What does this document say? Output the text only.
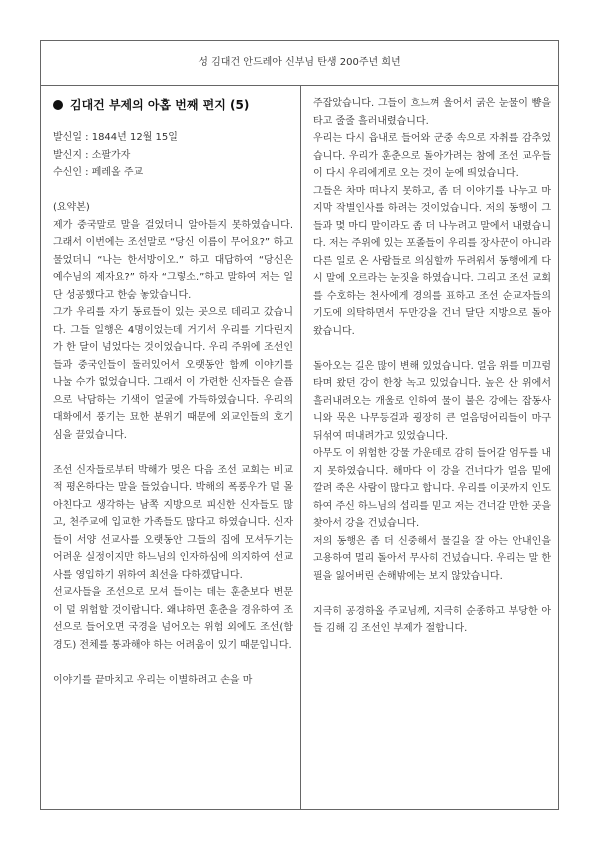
성 김대건 안드레아 신부님 탄생 200주년 희년
김대건 부제의 아홉 번째 편지 (5)
발신일 : 1844년 12월 15일
발신지 : 소팔가자
수신인 : 페레올 주교
(요약본)

제가 중국말로 말을 걸었더니 알아듣지 못하였습니다. 그래서 이번에는 조선말로 “당신 이름이 무어요?” 하고 물었더니 “나는 한서방이오.” 하고 대답하여 “당신은 예수님의 제자요?” 하자 “그렇소.”하고 말하여 저는 일단 성공했다고 한숨 놓았습니다.

그가 우리를 자기 동료들이 있는 곳으로 데리고 갔습니다. 그들 일행은 4명이었는데 거기서 우리를 기다린지가 한 달이 넘었다는 것이었습니다. 우리 주위에 조선인들과 중국인들이 둘러있어서 오랫동안 함께 이야기를 나눌 수가 없었습니다. 그래서 이 가련한 신자들은 슬픔으로 낙담하는 기색이 얼굴에 가득하였습니다. 우리의 대화에서 풍기는 묘한 분위기 때문에 외교인들의 호기심을 끌었습니다.

조선 신자들로부터 박해가 멎은 다음 조선 교회는 비교적 평온하다는 말을 들었습니다. 박해의 폭풍우가 덜 몰아친다고 생각하는 남쪽 지방으로 피신한 신자들도 많고, 천주교에 입교한 가족들도 많다고 하였습니다. 신자들이 서양 선교사를 오랫동안 그들의 집에 모셔두기는 어려운 실정이지만 하느님의 인자하심에 의지하여 선교사를 영입하기 위하여 최선을 다하겠답니다.

선교사들을 조선으로 모셔 들이는 데는 훈춘보다 변문이 덜 위험할 것이랍니다. 왜냐하면 훈춘을 경유하여 조선으로 들어오면 국경을 넘어오는 위험 외에도 조선(함경도) 전체를 통과해야 하는 어려움이 있기 때문입니다.

이야기를 끝마치고 우리는 이별하려고 손을 마

주잡았습니다. 그들이 흐느껴 울어서 굵은 눈물이 뺨을 타고 줄줄 흘러내렸습니다.

우리는 다시 읍내로 들어와 군중 속으로 자취를 감추었습니다. 우리가 훈춘으로 돌아가려는 참에 조선 교우들이 다시 우리에게로 오는 것이 눈에 띄었습니다.

그들은 차마 떠나지 못하고, 좀 더 이야기를 나누고 마지막 작별인사를 하려는 것이었습니다. 저의 동행이 그들과 몇 마디 말이라도 좀 더 나누려고 말에서 내렸습니다. 저는 주위에 있는 포졸들이 우리를 장사꾼이 아니라 다른 일로 온 사람들로 의심할까 두려워서 동행에게 다시 말에 오르라는 눈짓을 하였습니다. 그리고 조선 교회를 수호하는 천사에게 경의를 표하고 조선 순교자들의 기도에 의탁하면서 두만강을 건너 달단 지방으로 돌아왔습니다.

돌아오는 길은 많이 변해 있었습니다. 얼음 위를 미끄럼 타며 왔던 강이 한창 녹고 있었습니다. 높은 산 위에서 흘러내려오는 개울로 인하여 물이 불은 강에는 잡동사니와 묵은 나무등걸과 굉장히 큰 얼음덩어리들이 마구 뒤섞여 떠내려가고 있었습니다.

아무도 이 위험한 강물 가운데로 감히 들어갈 엄두를 내지 못하였습니다. 해마다 이 강을 건너다가 얼음 밑에 깔려 죽은 사람이 많다고 합니다. 우리를 이곳까지 인도하여 주신 하느님의 섭리를 믿고 저는 건너갈 만한 곳을 찾아서 강을 건넜습니다.

저의 동행은 좀 더 신중해서 물길을 잘 아는 안내인을 고용하여 멀리 돌아서 무사히 건넜습니다. 우리는 말 한 필을 잃어버린 손해밖에는 보지 않았습니다.

지극히 공경하올 주교님께, 지극히 순종하고 부당한 아들 김해 김 조선인 부제가 절합니다.
